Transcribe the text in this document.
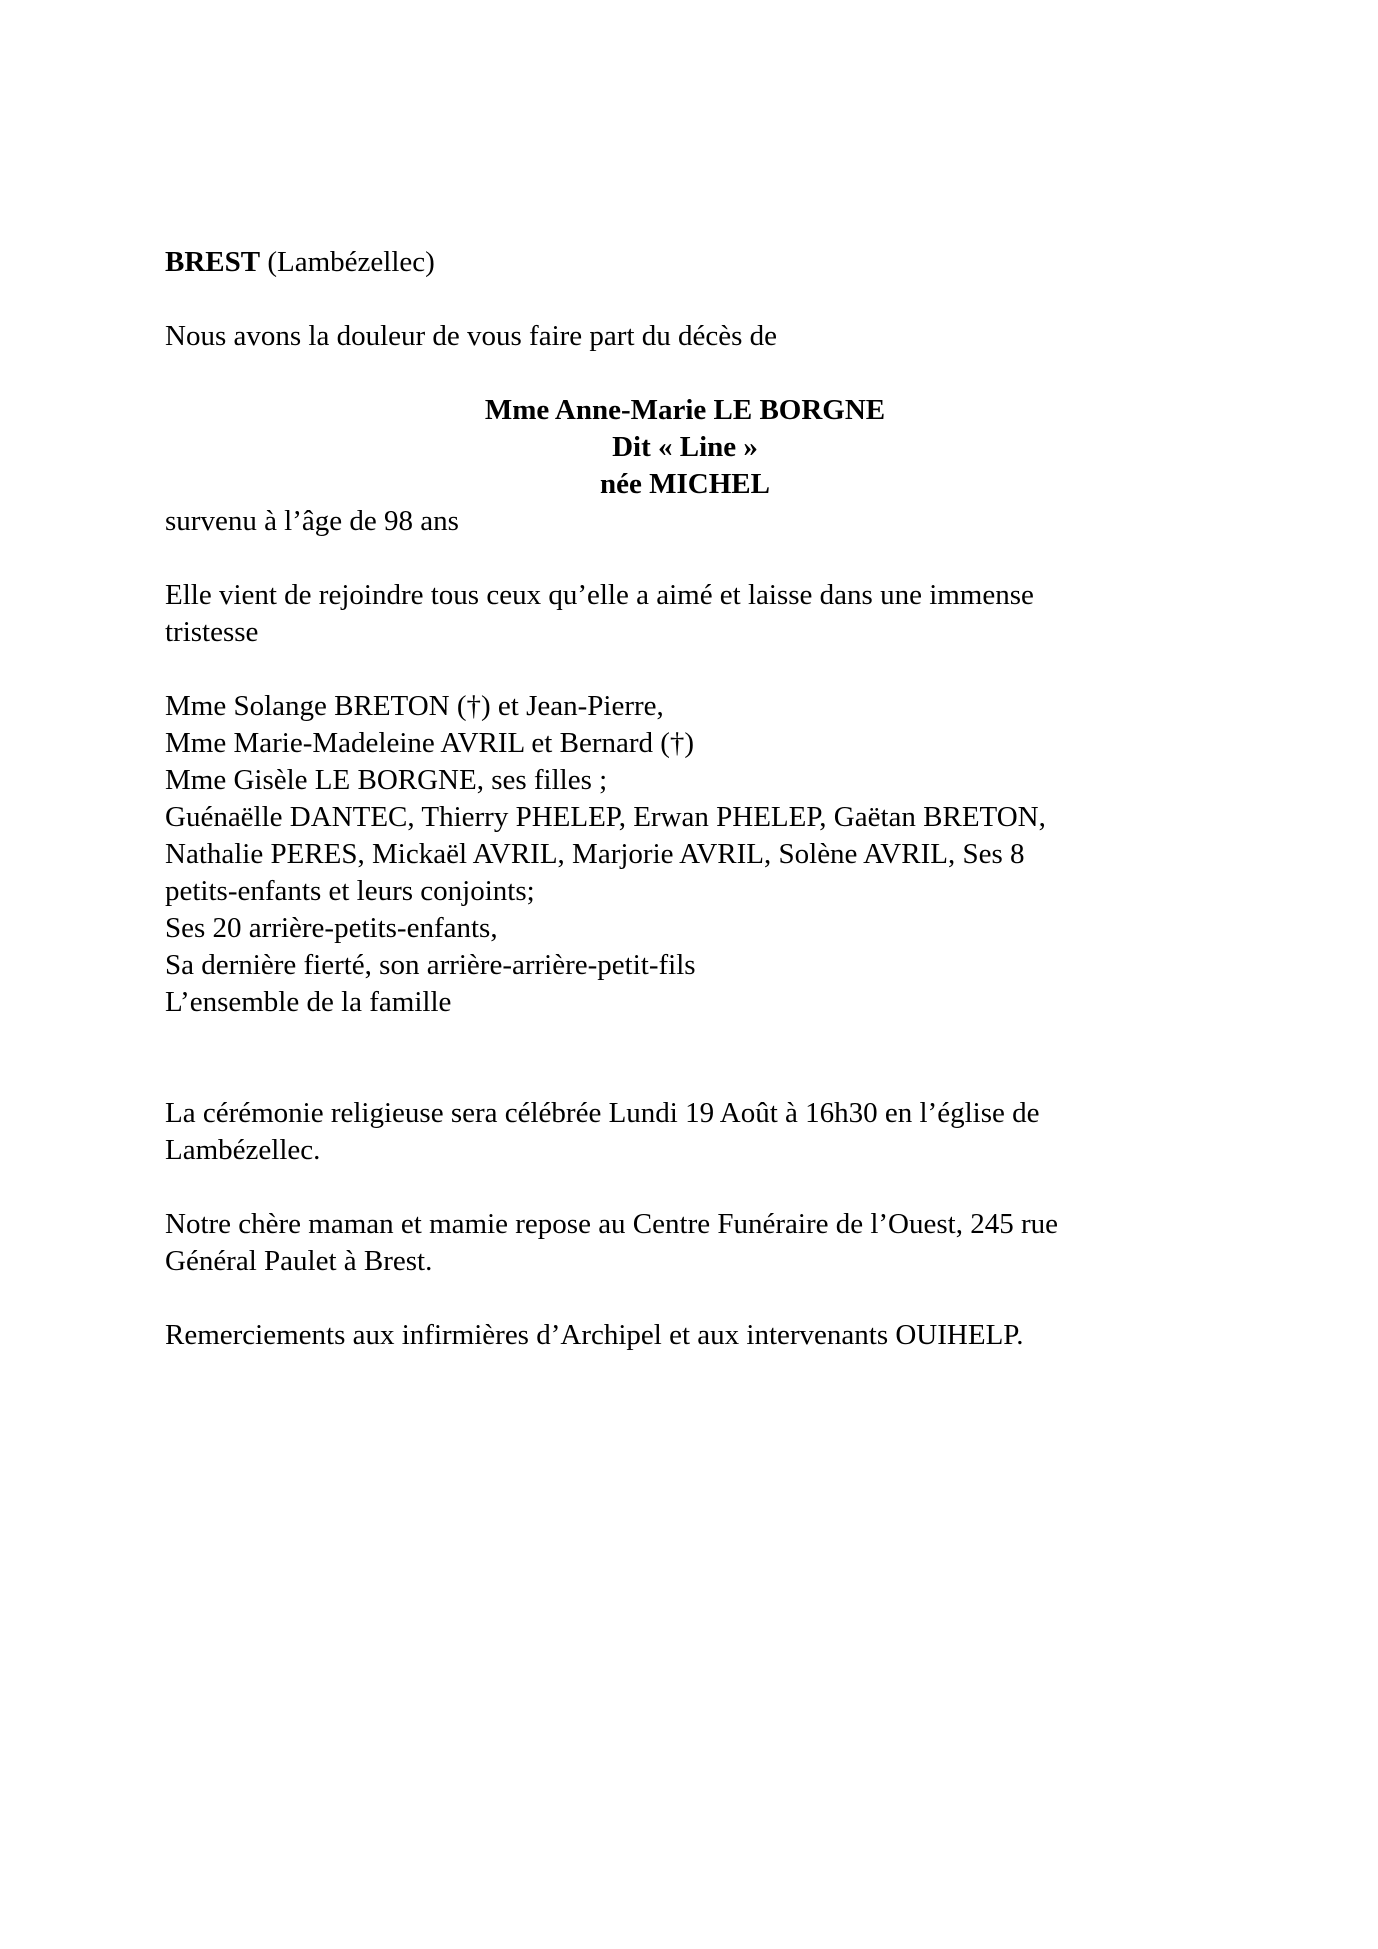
BREST (Lambézellec)

Nous avons la douleur de vous faire part du décès de

Mme Anne-Marie LE BORGNE
Dit « Line »
née MICHEL

survenu à l’âge de 98 ans

Elle vient de rejoindre tous ceux qu’elle a aimé et laisse dans une immense
tristesse

Mme Solange BRETON (†) et Jean-Pierre,
Mme Marie-Madeleine AVRIL et Bernard (†)
Mme Gisèle LE BORGNE, ses filles ;
Guénaëlle DANTEC, Thierry PHELEP, Erwan PHELEP, Gaëtan BRETON,
Nathalie PERES, Mickaël AVRIL, Marjorie AVRIL, Solène AVRIL, Ses 8
petits-enfants et leurs conjoints;
Ses 20 arrière-petits-enfants,
Sa dernière fierté, son arrière-arrière-petit-fils
L’ensemble de la famille

La cérémonie religieuse sera célébrée Lundi 19 Août à 16h30 en l’église de
Lambézellec.

Notre chère maman et mamie repose au Centre Funéraire de l’Ouest, 245 rue
Général Paulet à Brest.

Remerciements aux infirmières d’Archipel et aux intervenants OUIHELP.
